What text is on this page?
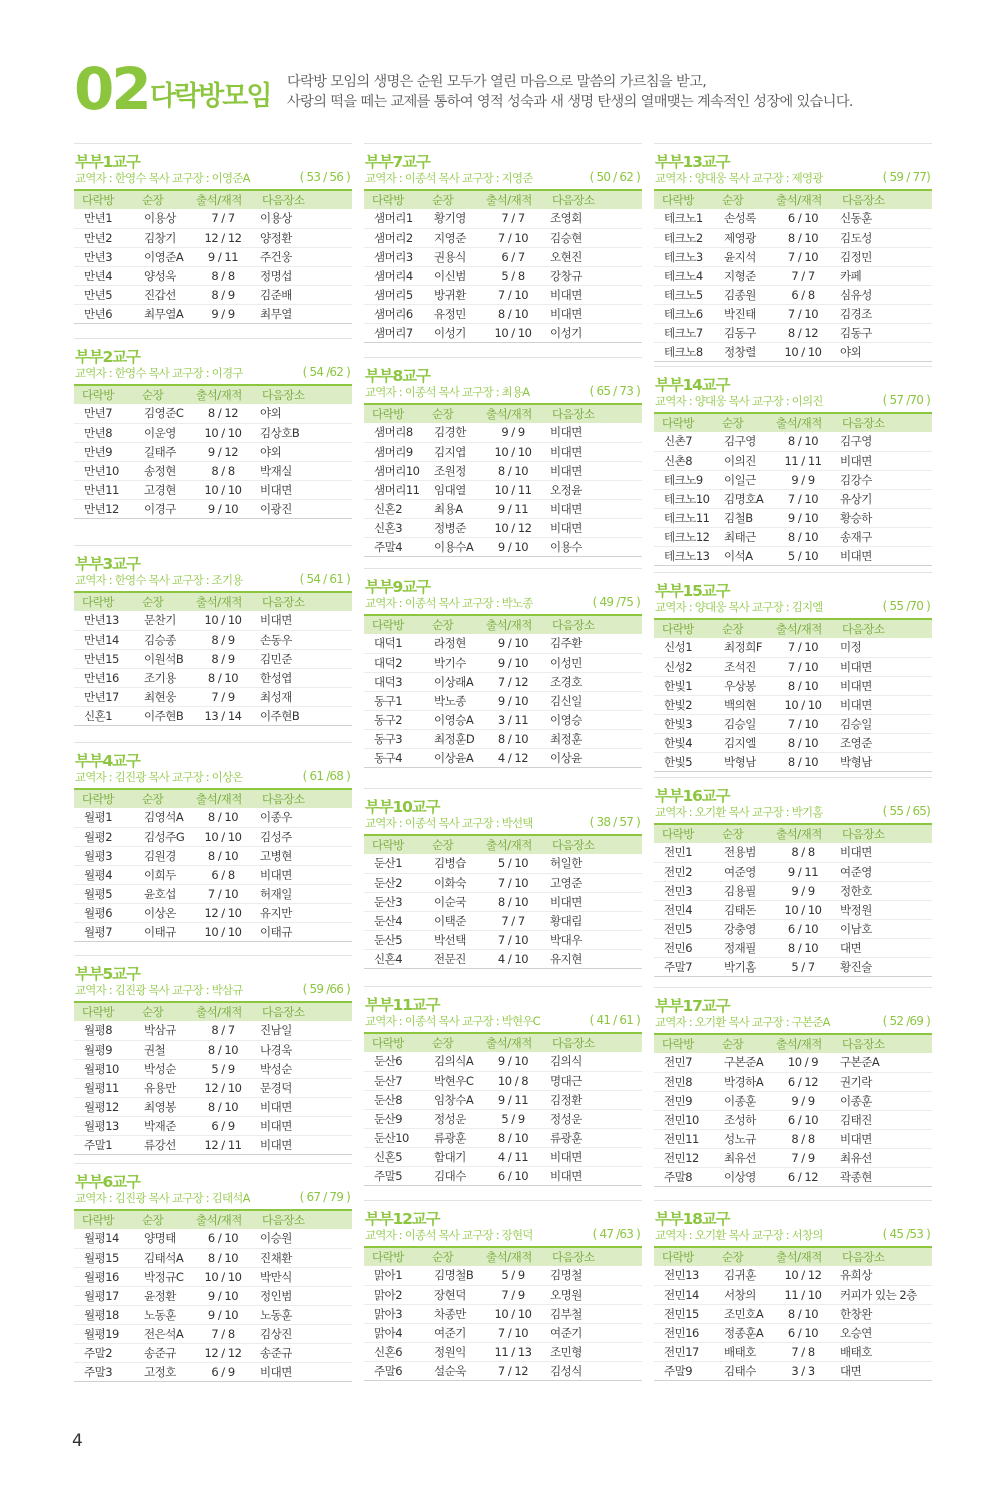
02 다락방모임 다락방 모임의 생명은 순원 모두가 열린 마음으로 말씀의 가르침을 받고,
사랑의 떡을 떼는 교제를 통하여 영적 성숙과 새 생명 탄생의 열매맺는 계속적인 성장에 있습니다.
부부1교구
교역자 : 한영수 목사 교구장 : 이영준A	( 53 / 56 )
다락방	순장	출석/재적	다음장소
만년1	이용상	7 / 7	이용상
만년2	김창기	12 / 12	양정환
만년3	이영준A	9 / 11	주건웅
만년4	양성욱	8 / 8	정명섭
만년5	진갑선	8 / 9	김준배
만년6	최무열A	9 / 9	최무열
부부2교구
교역자 : 한영수 목사 교구장 : 이경구	( 54 /62 )
다락방	순장	출석/재적	다음장소
만년7	김영준C	8 / 12	야외
만년8	이운영	10 / 10	김상호B
만년9	길태주	9 / 12	야외
만년10	송정현	8 / 8	박재실
만년11	고경현	10 / 10	비대면
만년12	이경구	9 / 10	이광진
부부3교구
교역자 : 한영수 목사 교구장 : 조기용	( 54 / 61 )
다락방	순장	출석/재적	다음장소
만년13	문찬기	10 / 10	비대면
만년14	김승종	8 / 9	손동우
만년15	이원석B	8 / 9	김민준
만년16	조기용	8 / 10	한성엽
만년17	최현웅	7 / 9	최성재
신혼1	이주현B	13 / 14	이주현B
부부4교구
교역자 : 김진광 목사 교구장 : 이상온	( 61 /68 )
다락방	순장	출석/재적	다음장소
월평1	김영석A	8 / 10	이종우
월평2	김성주G	10 / 10	김성주
월평3	김원경	8 / 10	고병현
월평4	이희두	6 / 8	비대면
월평5	윤호섭	7 / 10	허재일
월평6	이상온	12 / 10	유지만
월평7	이태규	10 / 10	이태규
부부5교구
교역자 : 김진광 목사 교구장 : 박삼규	( 59 /66 )
다락방	순장	출석/재적	다음장소
월평8	박삼규	8 / 7	진남일
월평9	권철	8 / 10	나경욱
월평10	박성순	5 / 9	박성순
월평11	유용만	12 / 10	문경덕
월평12	최영봉	8 / 10	비대면
월평13	박재준	6 / 9	비대면
주말1	류강선	12 / 11	비대면
부부6교구
교역자 : 김진광 목사 교구장 : 김태석A	( 67 / 79 )
다락방	순장	출석/재적	다음장소
월평14	양명태	6 / 10	이승원
월평15	김태석A	8 / 10	진채환
월평16	박정규C	10 / 10	박만식
월평17	윤정환	9 / 10	정인범
월평18	노동훈	9 / 10	노동훈
월평19	전은석A	7 / 8	김상진
주말2	송준규	12 / 12	송준규
주말3	고정호	6 / 9	비대면
부부7교구
교역자 : 이종석 목사 교구장 : 지영준	( 50 / 62 )
다락방	순장	출석/재적	다음장소
샘머리1	황기영	7 / 7	조영회
샘머리2	지영준	7 / 10	김승현
샘머리3	권용식	6 / 7	오현진
샘머리4	이신범	5 / 8	강창규
샘머리5	방귀환	7 / 10	비대면
샘머리6	유정민	8 / 10	비대면
샘머리7	이성기	10 / 10	이성기
부부8교구
교역자 : 이종석 목사 교구장 : 최용A	( 65 / 73 )
다락방	순장	출석/재적	다음장소
샘머리8	김경한	9 / 9	비대면
샘머리9	김지엽	10 / 10	비대면
샘머리10	조원정	8 / 10	비대면
샘머리11	임대열	10 / 11	오정윤
신혼2	최용A	9 / 11	비대면
신혼3	정병준	10 / 12	비대면
주말4	이용수A	9 / 10	이용수
부부9교구
교역자 : 이종석 목사 교구장 : 박노종	( 49 /75 )
다락방	순장	출석/재적	다음장소
대덕1	라정현	9 / 10	김주환
대덕2	박기수	9 / 10	이성민
대덕3	이상래A	7 / 12	조경호
동구1	박노종	9 / 10	김신일
동구2	이영승A	3 / 11	이영승
동구3	최정훈D	8 / 10	최정훈
동구4	이상윤A	4 / 12	이상윤
부부10교구
교역자 : 이종석 목사 교구장 : 박선택	( 38 / 57 )
다락방	순장	출석/재적	다음장소
둔산1	김병습	5 / 10	허일한
둔산2	이화숙	7 / 10	고영준
둔산3	이순국	8 / 10	비대면
둔산4	이택준	7 / 7	황대림
둔산5	박선택	7 / 10	박대우
신혼4	전문진	4 / 10	유지현
부부11교구
교역자 : 이종석 목사 교구장 : 박현우C	( 41 / 61 )
다락방	순장	출석/재적	다음장소
둔산6	김의식A	9 / 10	김의식
둔산7	박현우C	10 / 8	명대근
둔산8	임창수A	9 / 11	김정환
둔산9	정성운	5 / 9	정성운
둔산10	류광훈	8 / 10	류광훈
신혼5	함대기	4 / 11	비대면
주말5	김대수	6 / 10	비대면
부부12교구
교역자 : 이종석 목사 교구장 : 장현덕	( 47 /63 )
다락방	순장	출석/재적	다음장소
맑아1	김명철B	5 / 9	김명철
맑아2	장현덕	7 / 9	오명원
맑아3	차종만	10 / 10	김부철
맑아4	여준기	7 / 10	여준기
신혼6	정원익	11 / 13	조민형
주말6	설순욱	7 / 12	김성식
부부13교구
교역자 : 양대웅 목사 교구장 : 제영광	( 59 / 77)
다락방	순장	출석/재적	다음장소
테크노1	손성록	6 / 10	신동훈
테크노2	제영광	8 / 10	김도성
테크노3	윤지석	7 / 10	김정민
테크노4	지형준	7 / 7	카페
테크노5	김종원	6 / 8	심유성
테크노6	박진태	7 / 10	김경조
테크노7	김동구	8 / 12	김동구
테크노8	정창렬	10 / 10	야외
부부14교구
교역자 : 양대웅 목사 교구장 : 이의진	( 57 /70 )
다락방	순장	출석/재적	다음장소
신촌7	김구영	8 / 10	김구영
신촌8	이의진	11 / 11	비대면
테크노9	이일근	9 / 9	김강수
테크노10	김명호A	7 / 10	유상기
테크노11	김철B	9 / 10	황승하
테크노12	최태근	8 / 10	송재구
테크노13	이석A	5 / 10	비대면
부부15교구
교역자 : 양대웅 목사 교구장 : 김지엘	( 55 /70 )
다락방	순장	출석/재적	다음장소
신성1	최정희F	7 / 10	미정
신성2	조석진	7 / 10	비대면
한빛1	우상봉	8 / 10	비대면
한빛2	백의현	10 / 10	비대면
한빛3	김승일	7 / 10	김승일
한빛4	김지엘	8 / 10	조영준
한빛5	박형남	8 / 10	박형남
부부16교구
교역자 : 오기환 목사 교구장 : 박기홈	( 55 / 65)
다락방	순장	출석/재적	다음장소
전민1	전용범	8 / 8	비대면
전민2	여준영	9 / 11	여준영
전민3	김용필	9 / 9	정한호
전민4	김태돈	10 / 10	박정원
전민5	강충영	6 / 10	이남호
전민6	정재필	8 / 10	대면
주말7	박기홈	5 / 7	황진술
부부17교구
교역자 : 오기환 목사 교구장 : 구본준A	( 52 /69 )
다락방	순장	출석/재적	다음장소
전민7	구본준A	10 / 9	구본준A
전민8	박경하A	6 / 12	권기락
전민9	이종훈	9 / 9	이종훈
전민10	조성하	6 / 10	김태진
전민11	성노규	8 / 8	비대면
전민12	최유선	7 / 9	최유선
주말8	이상영	6 / 12	곽종현
부부18교구
교역자 : 오기환 목사 교구장 : 서창의	( 45 /53 )
다락방	순장	출석/재적	다음장소
전민13	김귀훈	10 / 12	유희상
전민14	서창의	11 / 10	커피가 있는 2층
전민15	조민호A	8 / 10	한창완
전민16	정종훈A	6 / 10	오승연
전민17	배태호	7 / 8	배태호
주말9	김태수	3 / 3	대면
4
